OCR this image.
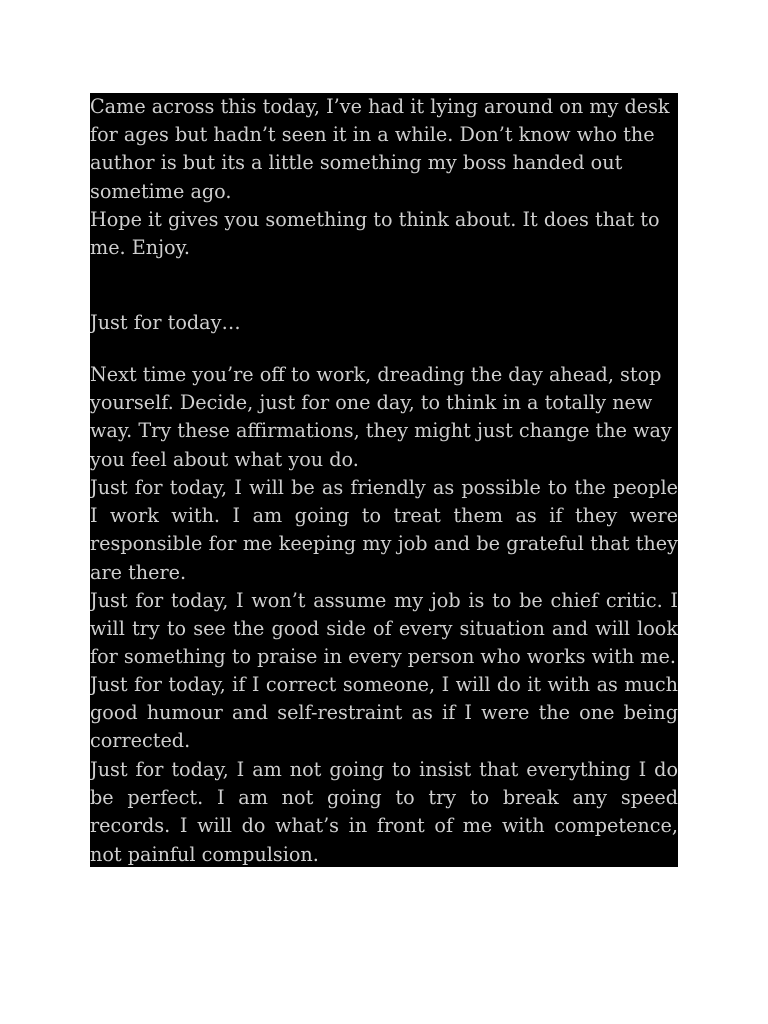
Came across this today, I’ve had it lying around on my desk for ages but hadn’t seen it in a while. Don’t know who the author is but its a little something my boss handed out sometime ago.
Hope it gives you something to think about. It does that to me. Enjoy.
Just for today…
Next time you’re off to work, dreading the day ahead, stop yourself. Decide, just for one day, to think in a totally new way. Try these affirmations, they might just change the way you feel about what you do.
Just for today, I will be as friendly as possible to the people I work with. I am going to treat them as if they were responsible for me keeping my job and be grateful that they are there.
Just for today, I won’t assume my job is to be chief critic. I will try to see the good side of every situation and will look for something to praise in every person who works with me.
Just for today, if I correct someone, I will do it with as much good humour and self-restraint as if I were the one being corrected.
Just for today, I am not going to insist that everything I do be perfect. I am not going to try to break any speed records. I will do what’s in front of me with competence, not painful compulsion.
